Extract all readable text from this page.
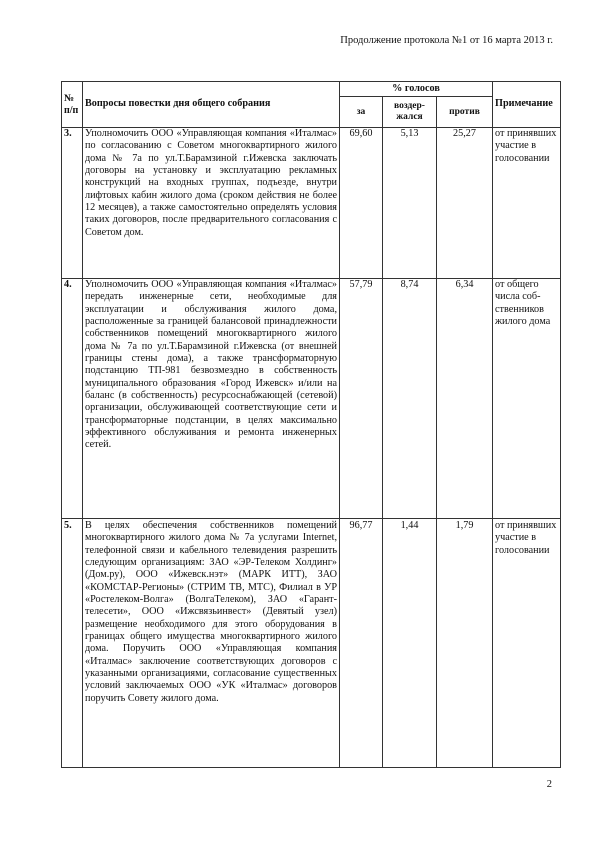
Продолжение протокола №1 от 16 марта 2013 г.
№ п/п	Вопросы повестки дня общего собрания	% голосов			Примечание
		за	воздер-жался	против	
3.	Уполномочить ООО «Управляющая компания «Италмас» по согласованию с Советом многоквартирного жилого дома № 7а по ул.Т.Барамзиной г.Ижевска заключать договоры на установку и эксплуатацию рекламных конструкций на входных группах, подъезде, внутри лифтовых кабин жилого дома (сроком действия не более 12 месяцев), а также самостоятельно определять условия таких договоров, после предварительного согласования с Советом дом.	69,60	5,13	25,27	от принявших участие в голосовании
4.	Уполномочить ООО «Управляющая компания «Италмас» передать инженерные сети, необходимые для эксплуатации и обслуживания жилого дома, расположенные за границей балансовой принадлежности собственников помещений многоквартирного жилого дома № 7а по ул.Т.Барамзиной г.Ижевска (от внешней границы стены дома), а также трансформаторную подстанцию ТП-981 безвозмездно в собственность муниципального образования «Город Ижевск» и/или на баланс (в собственность) ресурсоснабжающей (сетевой) организации, обслуживающей соответствующие сети и трансформаторные подстанции, в целях максимально эффективного обслуживания и ремонта инженерных сетей.	57,79	8,74	6,34	от общего числа соб-ственников жилого дома
5.	В целях обеспечения собственников помещений многоквартирного жилого дома № 7а услугами Internet, телефонной связи и кабельного телевидения разрешить следующим организациям: ЗАО «ЭР-Телеком Холдинг» (Дом.ру), ООО «Ижевск.нэт» (МАРК ИТТ), ЗАО «КОМСТАР-Регионы» (СТРИМ ТВ, МТС), Филиал в УР «Ростелеком-Волга» (ВолгаТелеком), ЗАО «Гарант-телесети», ООО «Ижсвязьинвест» (Девятый узел) размещение необходимого для этого оборудования в границах общего имущества многоквартирного жилого дома. Поручить ООО «Управляющая компания «Италмас» заключение соответствующих договоров с указанными организациями, согласование существенных условий заключаемых ООО «УК «Италмас» договоров поручить Совету жилого дома.	96,77	1,44	1,79	от принявших участие в голосовании
2
